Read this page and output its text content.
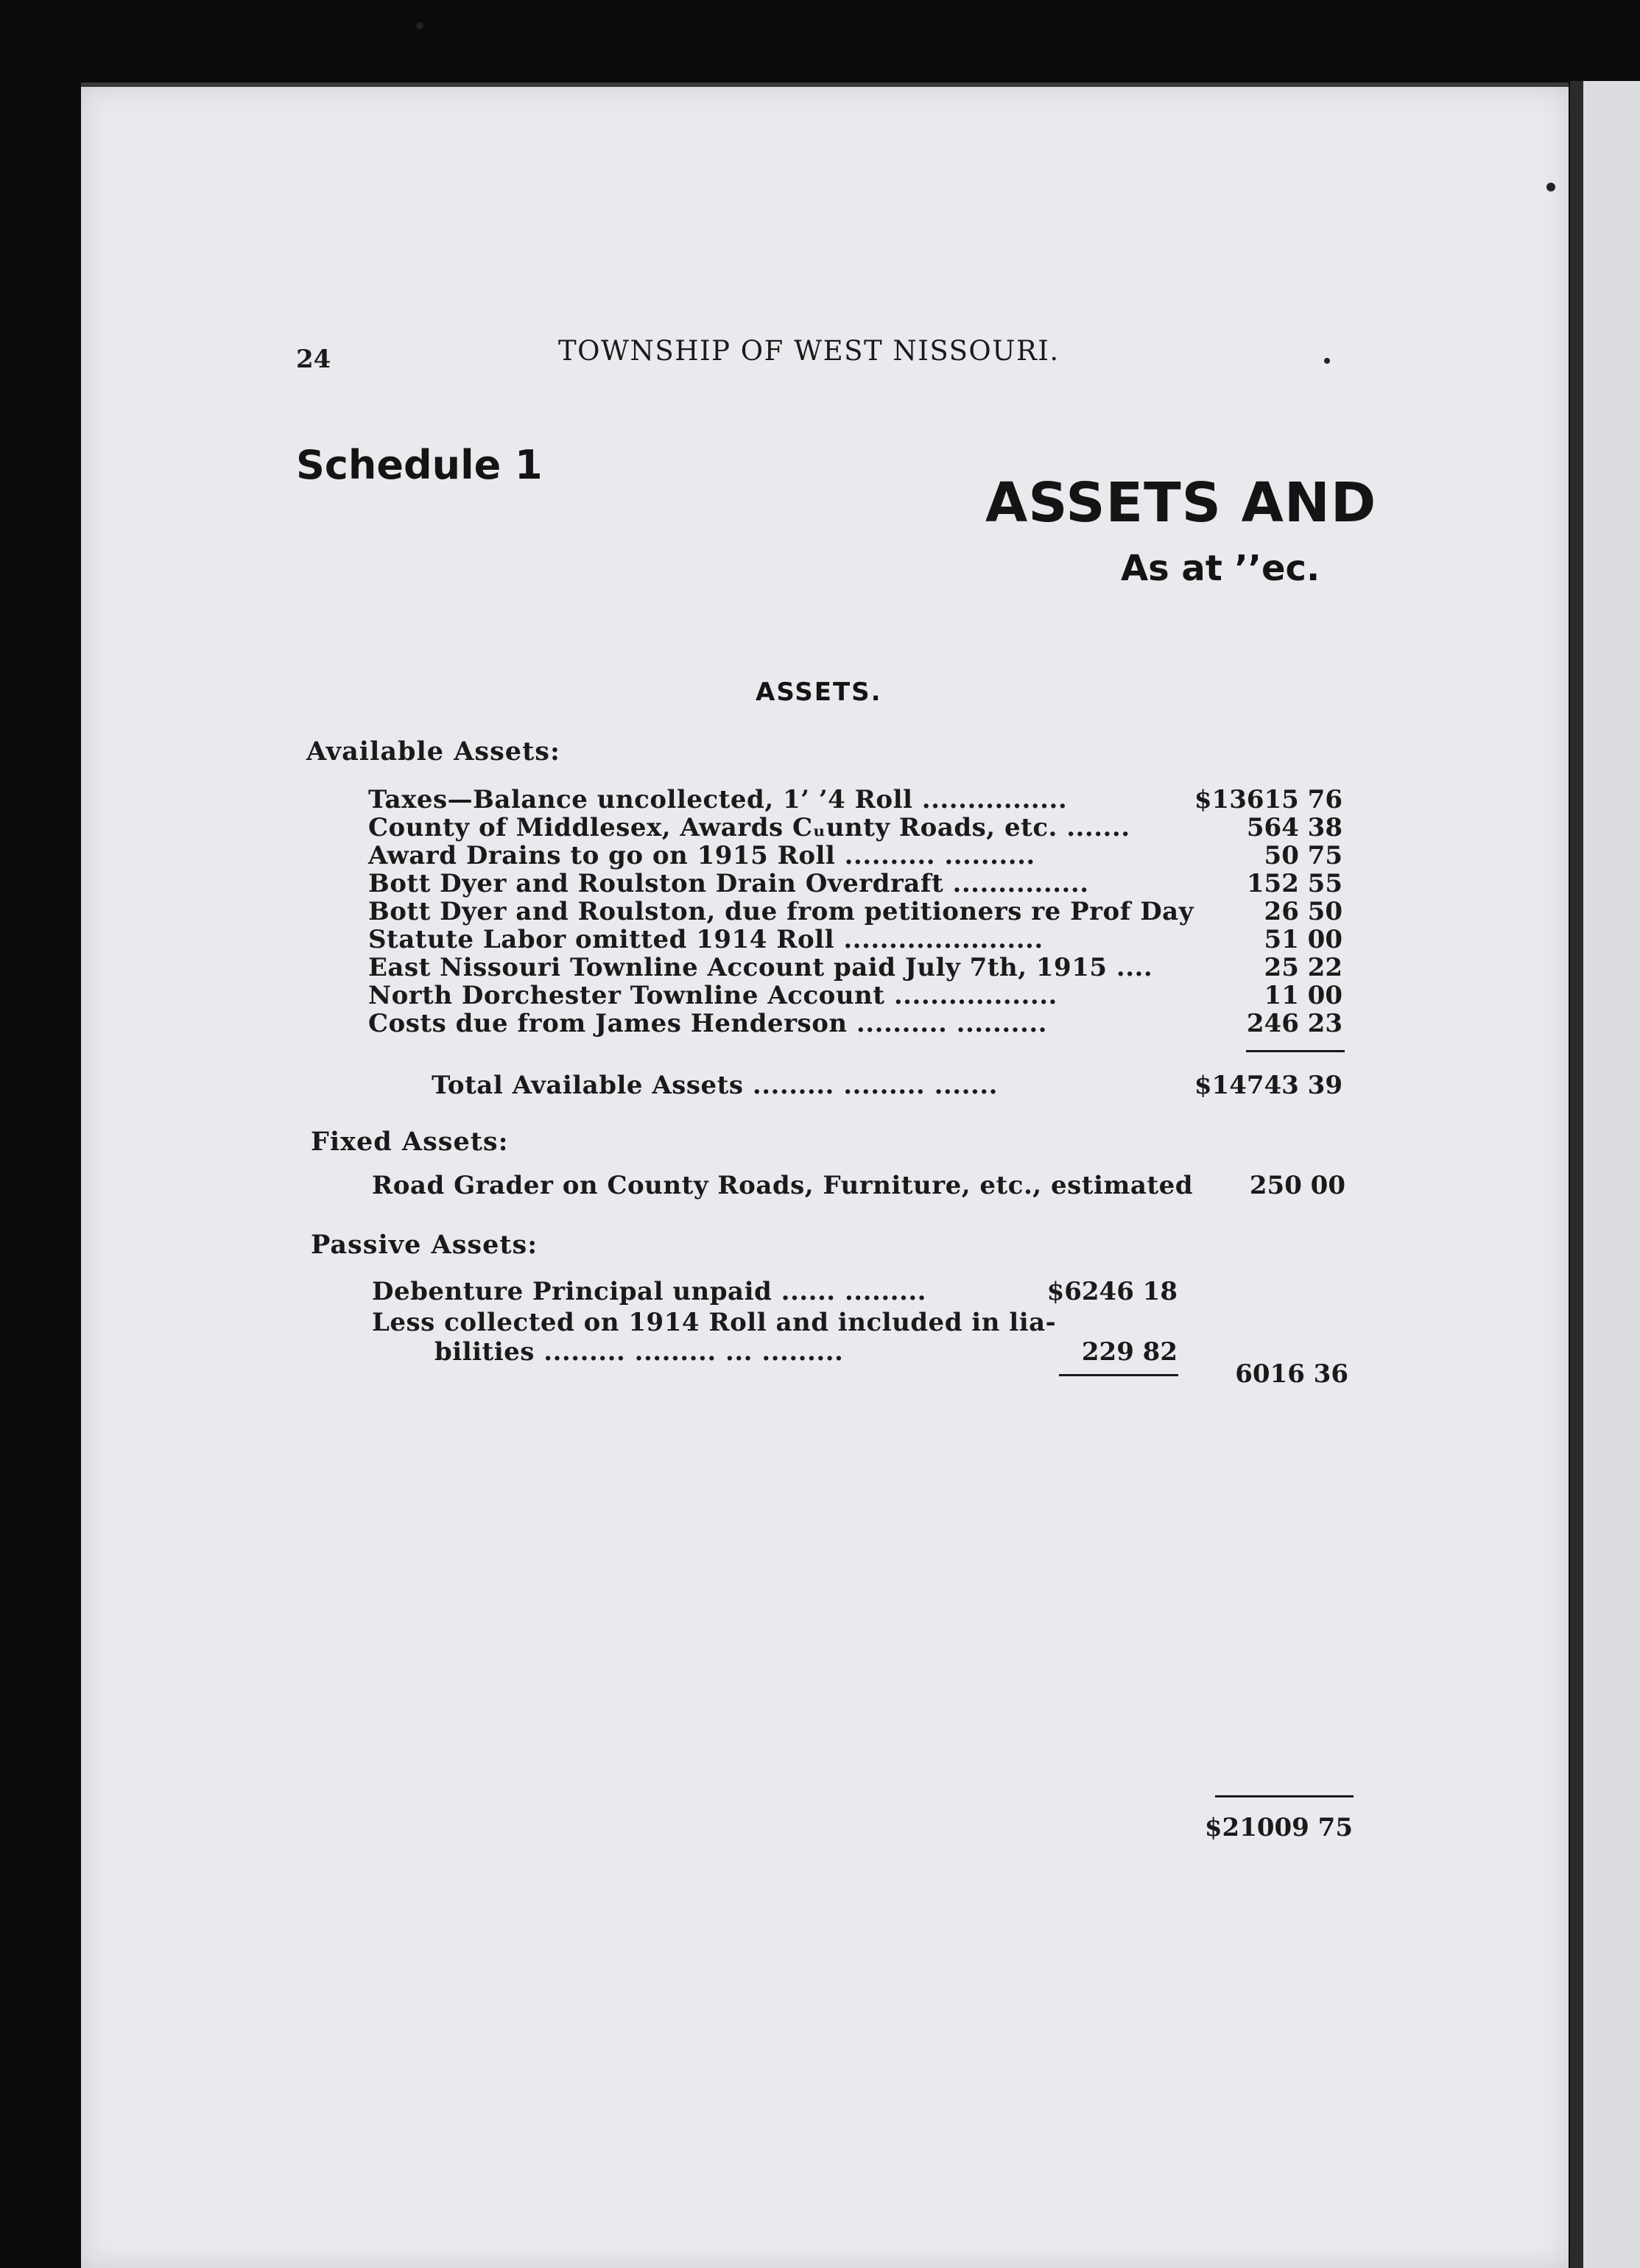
24	TOWNSHIP OF WEST NISSOURI.
Schedule 1
ASSETS AND
As at ’’ec.
ASSETS.
Available Assets:
Taxes—Balance uncollected, 1’ ’4 Roll ................	$13615 76
County of Middlesex, Awards Cᵤunty Roads, etc. .......	564 38
Award Drains to go on 1915 Roll .......... ..........	50 75
Bott Dyer and Roulston Drain Overdraft ...............	152 55
Bott Dyer and Roulston, due from petitioners re Prof Day	26 50
Statute Labor omitted 1914 Roll ......................	51 00
East Nissouri Townline Account paid July 7th, 1915 ....	25 22
North Dorchester Townline Account ..................	11 00
Costs due from James Henderson .......... ..........	246 23
Total Available Assets ......... ......... .......	$14743 39
Fixed Assets:
Road Grader on County Roads, Furniture, etc., estimated 250 00
Passive Assets:
Debenture Principal unpaid ...... .........	$6246 18
Less collected on 1914 Roll and included in lia-
bilities ......... ......... ... .........	229 82
6016 36
$21009 75
